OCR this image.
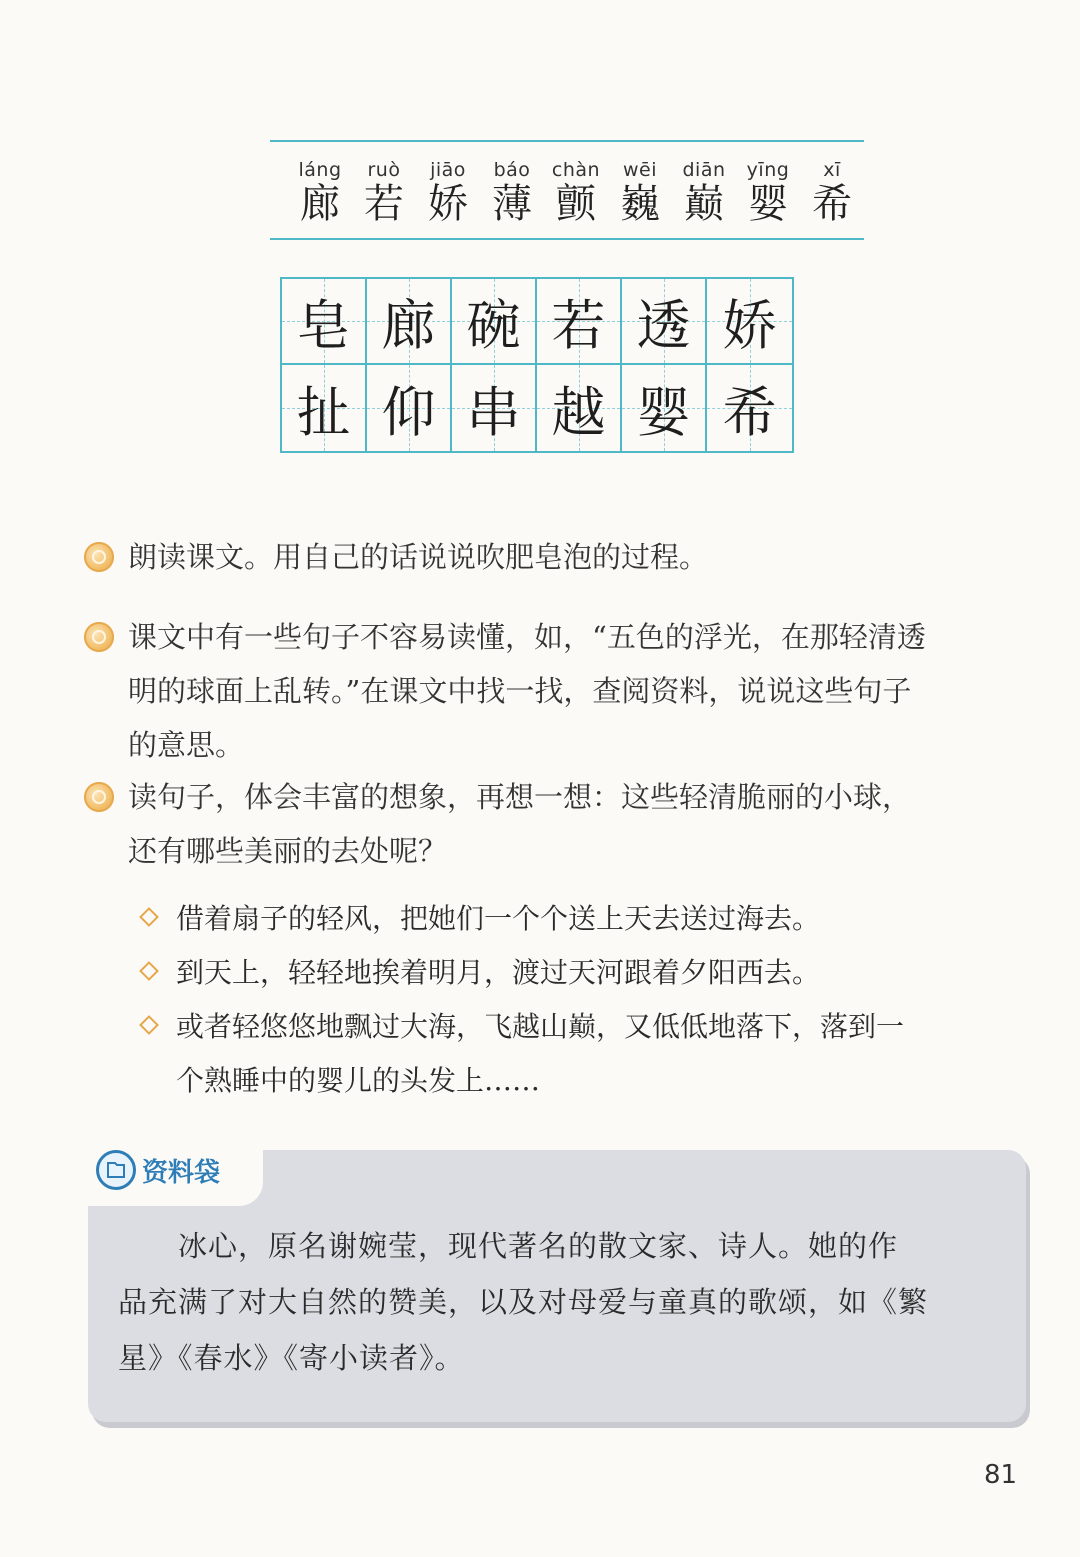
láng
廊
ruò
若
jiāo
娇
báo
薄
chàn
颤
wēi
巍
diān
巅
yīng
婴
xī
希
皂 廊 碗 若 透 娇
扯 仰 串 越 婴 希
朗读课文。用自己的话说说吹肥皂泡的过程。
课文中有一些句子不容易读懂，如，“五色的浮光，在那轻清透
明的球面上乱转。”在课文中找一找，查阅资料，说说这些句子
的意思。
读句子，体会丰富的想象，再想一想：这些轻清脆丽的小球，
还有哪些美丽的去处呢？
借着扇子的轻风，把她们一个个送上天去送过海去。
到天上，轻轻地挨着明月，渡过天河跟着夕阳西去。
或者轻悠悠地飘过大海，飞越山巅，又低低地落下，落到一
个熟睡中的婴儿的头发上……
资料袋
冰心，原名谢婉莹，现代著名的散文家、诗人。她的作
品充满了对大自然的赞美，以及对母爱与童真的歌颂，如《繁
星》《春水》《寄小读者》。
81
